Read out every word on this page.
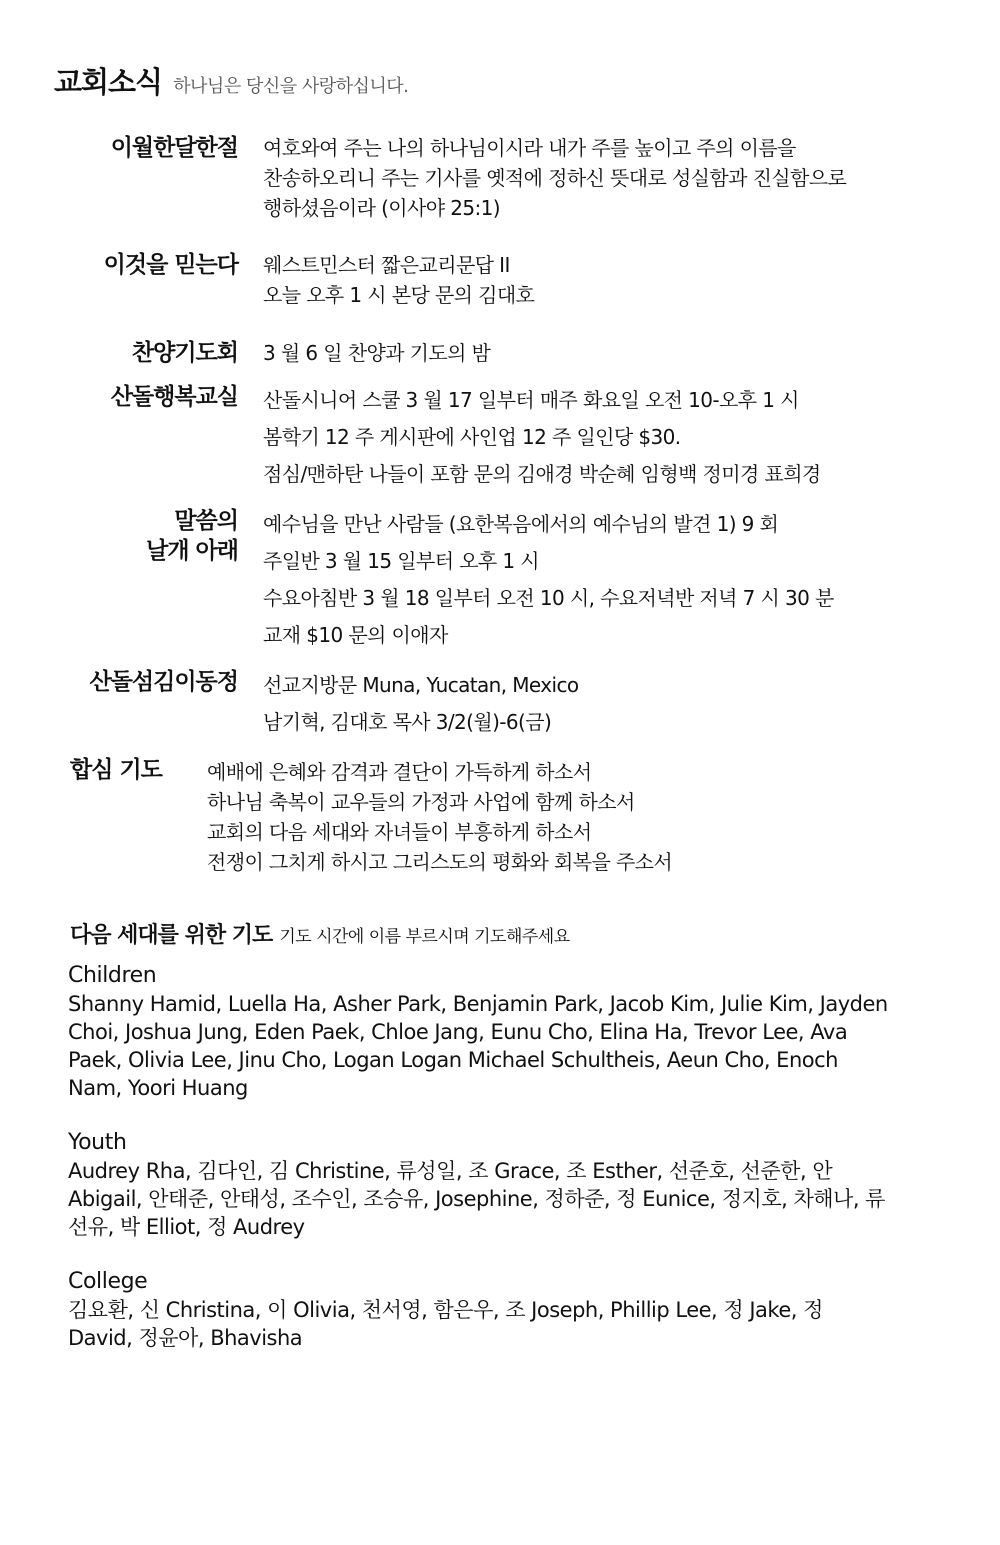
교회소식 하나님은 당신을 사랑하십니다.
이월한달한절 여호와여 주는 나의 하나님이시라 내가 주를 높이고 주의 이름을
찬송하오리니 주는 기사를 옛적에 정하신 뜻대로 성실함과 진실함으로
행하셨음이라 (이사야 25:1)
이것을 믿는다 웨스트민스터 짧은교리문답 II
오늘 오후 1 시 본당 문의 김대호
찬양기도회 3 월 6 일 찬양과 기도의 밤
산돌행복교실 산돌시니어 스쿨 3 월 17 일부터 매주 화요일 오전 10-오후 1 시
봄학기 12 주 게시판에 사인업 12 주 일인당 $30.
점심/맨하탄 나들이 포함 문의 김애경 박순혜 임형백 정미경 표희경
말씀의
날개 아래
예수님을 만난 사람들 (요한복음에서의 예수님의 발견 1) 9 회
주일반 3 월 15 일부터 오후 1 시
수요아침반 3 월 18 일부터 오전 10 시, 수요저녁반 저녁 7 시 30 분
교재 $10 문의 이애자
산돌섬김이동정 선교지방문 Muna, Yucatan, Mexico
남기혁, 김대호 목사 3/2(월)-6(금)
합심 기도 예배에 은혜와 감격과 결단이 가득하게 하소서
하나님 축복이 교우들의 가정과 사업에 함께 하소서
교회의 다음 세대와 자녀들이 부흥하게 하소서
전쟁이 그치게 하시고 그리스도의 평화와 회복을 주소서
다음 세대를 위한 기도 기도 시간에 이름 부르시며 기도해주세요
Children
Shanny Hamid, Luella Ha, Asher Park, Benjamin Park, Jacob Kim, Julie Kim, Jayden Choi, Joshua Jung, Eden Paek, Chloe Jang, Eunu Cho, Elina Ha, Trevor Lee, Ava Paek, Olivia Lee, Jinu Cho, Logan Logan Michael Schultheis, Aeun Cho, Enoch Nam, Yoori Huang
Youth
Audrey Rha, 김다인, 김 Christine, 류성일, 조 Grace, 조 Esther, 선준호, 선준한, 안 Abigail, 안태준, 안태성, 조수인, 조승유, Josephine, 정하준, 정 Eunice, 정지호, 차해나, 류선유, 박 Elliot, 정 Audrey
College
김요환, 신 Christina, 이 Olivia, 천서영, 함은우, 조 Joseph, Phillip Lee, 정 Jake, 정 David, 정윤아, Bhavisha
